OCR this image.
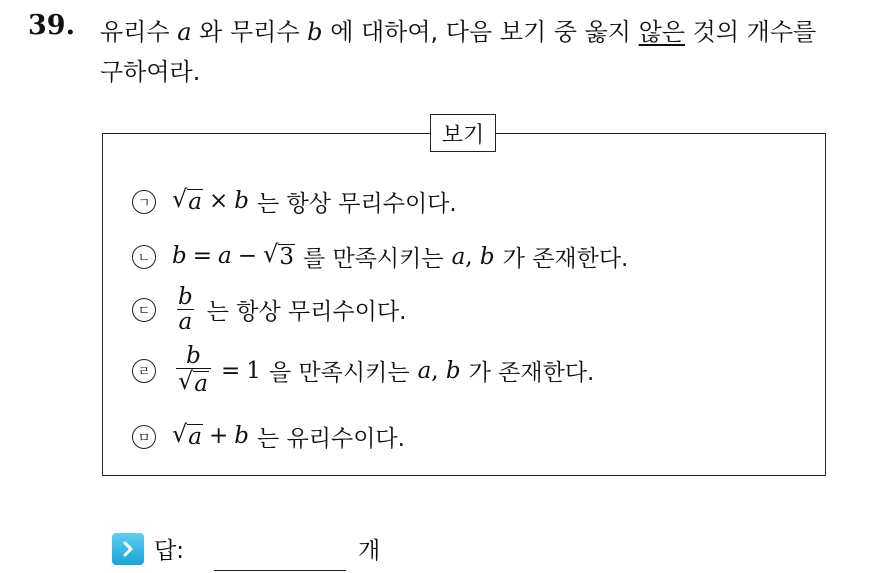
39. 유리수 a 와 무리수 b 에 대하여, 다음 보기 중 옳지 않은 것의 개수를
구하여라.
보기
ㄱ √ a × b 는 항상 무리수이다.
ㄴ b = a − √ 3 를 만족시키는 a , b 가 존재한다.
ㄷ $\frac{b}{a}$ 는 항상 무리수이다.
ㄹ $\frac{b}{√ a} = 1$ 을 만족시키는 a , b 가 존재한다.
ㅁ √ a + b 는 유리수이다.
답:	개
